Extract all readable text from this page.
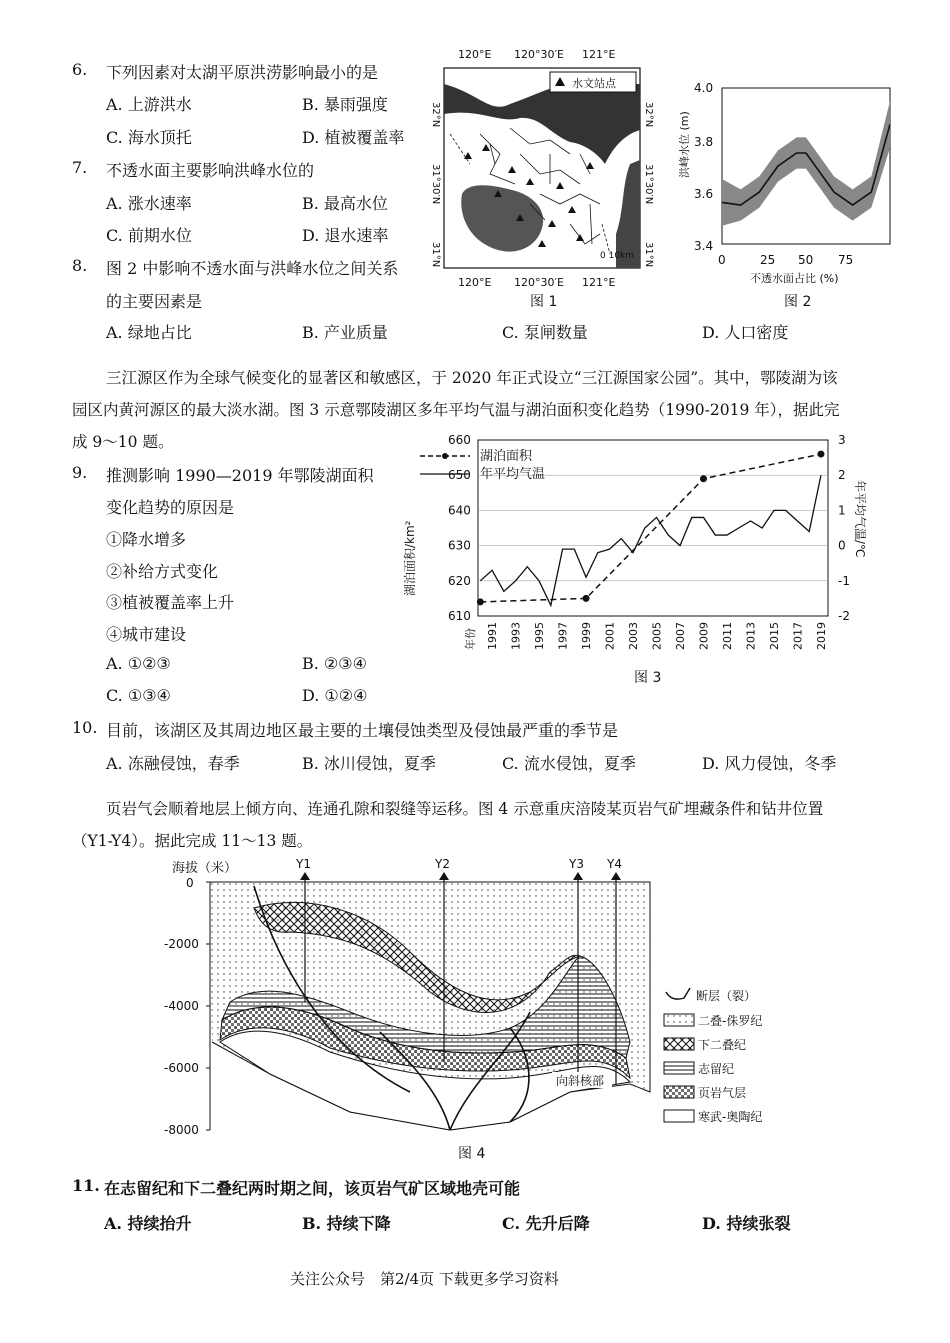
6. 下列因素对太湖平原洪涝影响最小的是
A. 上游洪水	B. 暴雨强度
C. 海水顶托	D. 植被覆盖率
7. 不透水面主要影响洪峰水位的
A. 涨水速率	B. 最高水位
C. 前期水位	D. 退水速率
8. 图 2 中影响不透水面与洪峰水位之间关系
的主要因素是
A. 绿地占比	B. 产业质量	C. 泵闸数量	D. 人口密度
120°E 120°30′E 121°E
水文站点
32°N
31°30′N
31°N
32°N
31°30′N
31°N
0 10km
120°E 120°30′E 121°E
图 1
4.0
3.8
3.6
3.4
洪峰水位 (m)
0	25 50 75
不透水面占比 (%)
图 2
三江源区作为全球气候变化的显著区和敏感区，于 2020 年正式设立“三江源国家公园”。其中，鄂陵湖为该
园区内黄河源区的最大淡水湖。图 3 示意鄂陵湖区多年平均气温与湖泊面积变化趋势（1990-2019 年），据此完
成 9～10 题。
9. 推测影响 1990—2019 年鄂陵湖面积
变化趋势的原因是
①降水增多
②补给方式变化
③植被覆盖率上升
④城市建设
A. ①②③	B. ②③④
C. ①③④	D. ①②④
660
650
640
630
620
610
3
2
1
0
-1
-2
1991 1993 1995 1997 1999 2001 2003 2005 2007 2009 2011 2013 2015 2017 2019
年份
湖泊面积/km²
年平均气温/℃
湖泊面积
年平均气温
图 3
10. 目前，该湖区及其周边地区最主要的土壤侵蚀类型及侵蚀最严重的季节是
A. 冻融侵蚀，春季	B. 冰川侵蚀，夏季	C. 流水侵蚀，夏季	D. 风力侵蚀，冬季
页岩气会顺着地层上倾方向、连通孔隙和裂缝等运移。图 4 示意重庆涪陵某页岩气矿埋藏条件和钻井位置
（Y1-Y4）。据此完成 11～13 题。
海拔（米）
0
-2000
-4000
-6000
-8000
Y1	Y2	Y3 Y4
向斜核部
断层（裂）
二叠-侏罗纪
下二叠纪
志留纪
页岩气层
寒武-奥陶纪
图 4
11. 在志留纪和下二叠纪两时期之间，该页岩气矿区域地壳可能
A. 持续抬升	B. 持续下降	C. 先升后降	D. 持续张裂
关注公众号　第2/4页 下载更多学习资料
